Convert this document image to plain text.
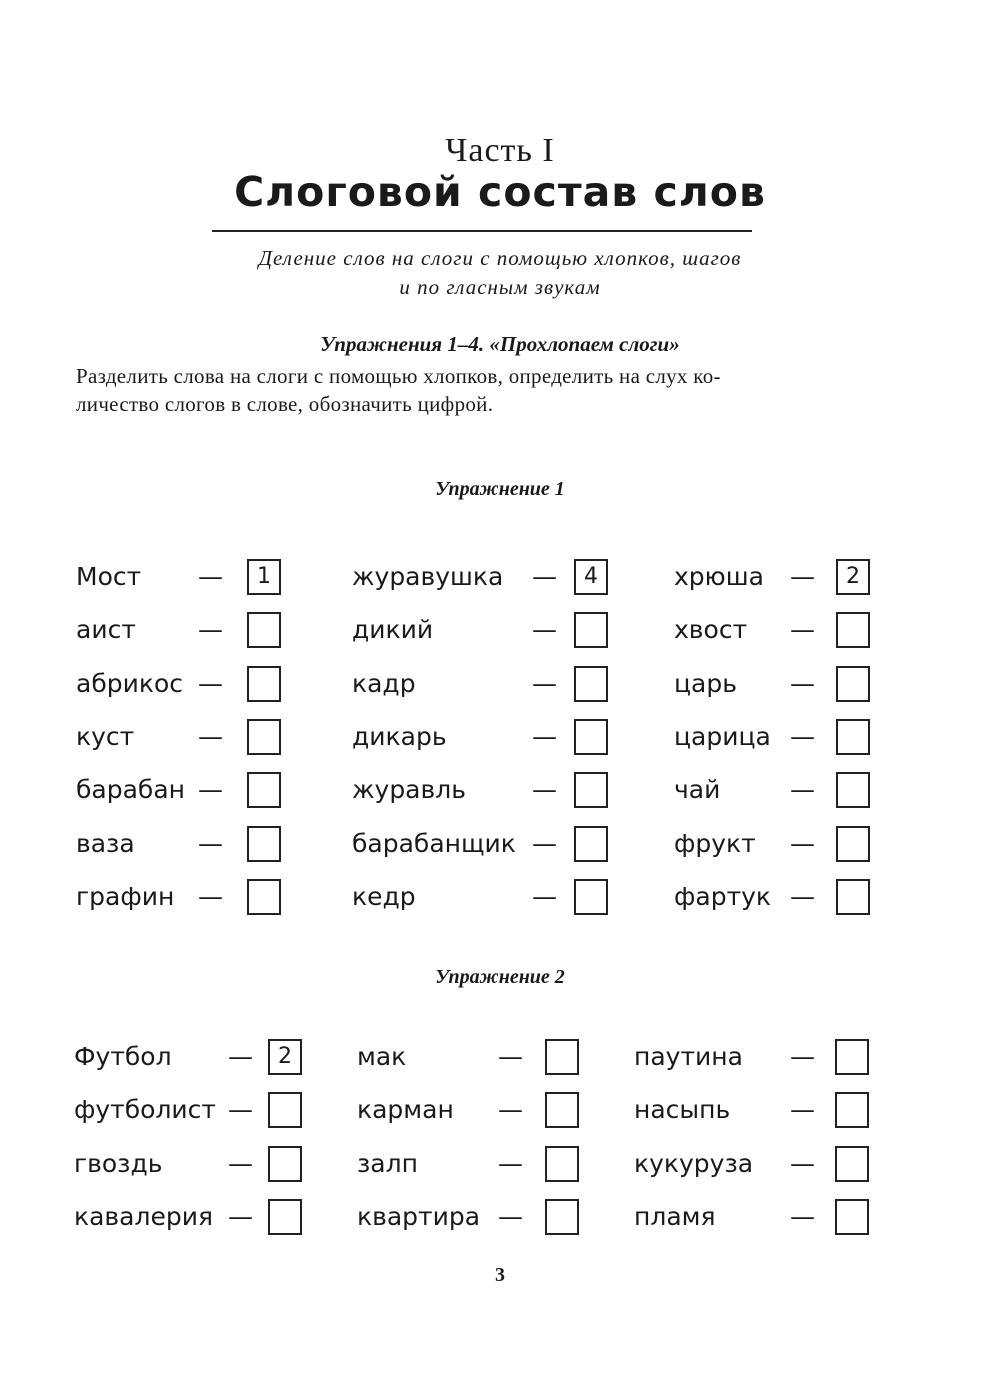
Часть I
Слоговой состав слов
Деление слов на слоги с помощью хлопков, шагов
и по гласным звукам
Упражнения 1–4. «Прохлопаем слоги»
Разделить слова на слоги с помощью хлопков, определить на слух ко-
личество слогов в слове, обозначить цифрой.
Упражнение 1
Мост —	1
аист —
абрикос —
куст	—
барабан —
ваза	—
графин —
журавушка —	4
дикий	—
кадр	—
дикарь	—
журавль	—
барабанщик —
кедр	—
хрюша —	2
хвост —
царь —
царица —
чай	—
фрукт —
фартук —
Упражнение 2
Футбол —	2
футболист —
гвоздь	—
кавалерия —
мак	—
карман —
залп	—
квартира —
паутина —
насыпь —
кукуруза —
пламя	—
3
